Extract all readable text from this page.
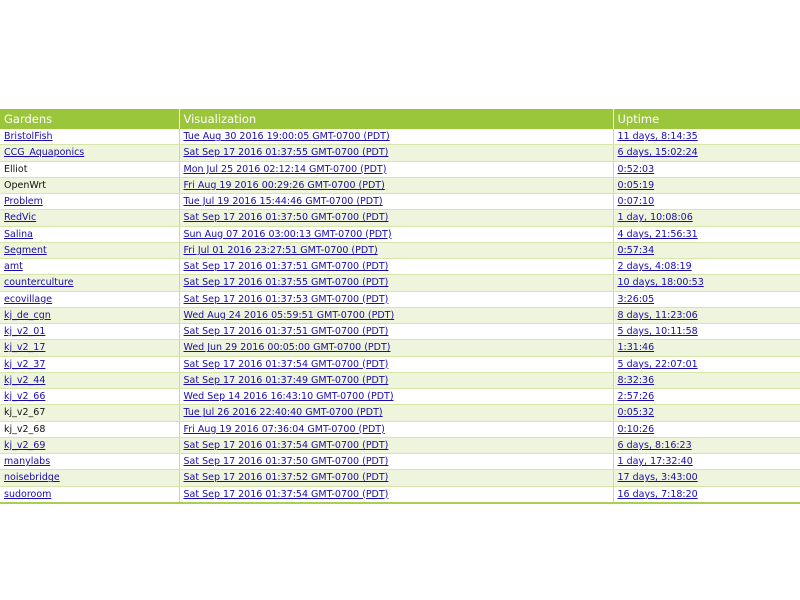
Gardens	Visualization	Uptime
BristolFish	Tue Aug 30 2016 19:00:05 GMT-0700 (PDT)	11 days, 8:14:35
CCG_Aquaponics	Sat Sep 17 2016 01:37:55 GMT-0700 (PDT)	6 days, 15:02:24
Elliot	Mon Jul 25 2016 02:12:14 GMT-0700 (PDT)	0:52:03
OpenWrt	Fri Aug 19 2016 00:29:26 GMT-0700 (PDT)	0:05:19
Problem	Tue Jul 19 2016 15:44:46 GMT-0700 (PDT)	0:07:10
RedVic	Sat Sep 17 2016 01:37:50 GMT-0700 (PDT)	1 day, 10:08:06
Salina	Sun Aug 07 2016 03:00:13 GMT-0700 (PDT)	4 days, 21:56:31
Segment	Fri Jul 01 2016 23:27:51 GMT-0700 (PDT)	0:57:34
amt	Sat Sep 17 2016 01:37:51 GMT-0700 (PDT)	2 days, 4:08:19
counterculture	Sat Sep 17 2016 01:37:55 GMT-0700 (PDT)	10 days, 18:00:53
ecovillage	Sat Sep 17 2016 01:37:53 GMT-0700 (PDT)	3:26:05
kj_de_cgn	Wed Aug 24 2016 05:59:51 GMT-0700 (PDT)	8 days, 11:23:06
kj_v2_01	Sat Sep 17 2016 01:37:51 GMT-0700 (PDT)	5 days, 10:11:58
kj_v2_17	Wed Jun 29 2016 00:05:00 GMT-0700 (PDT)	1:31:46
kj_v2_37	Sat Sep 17 2016 01:37:54 GMT-0700 (PDT)	5 days, 22:07:01
kj_v2_44	Sat Sep 17 2016 01:37:49 GMT-0700 (PDT)	8:32:36
kj_v2_66	Wed Sep 14 2016 16:43:10 GMT-0700 (PDT)	2:57:26
kj_v2_67	Tue Jul 26 2016 22:40:40 GMT-0700 (PDT)	0:05:32
kj_v2_68	Fri Aug 19 2016 07:36:04 GMT-0700 (PDT)	0:10:26
kj_v2_69	Sat Sep 17 2016 01:37:54 GMT-0700 (PDT)	6 days, 8:16:23
manylabs	Sat Sep 17 2016 01:37:50 GMT-0700 (PDT)	1 day, 17:32:40
noisebridge	Sat Sep 17 2016 01:37:52 GMT-0700 (PDT)	17 days, 3:43:00
sudoroom	Sat Sep 17 2016 01:37:54 GMT-0700 (PDT)	16 days, 7:18:20
